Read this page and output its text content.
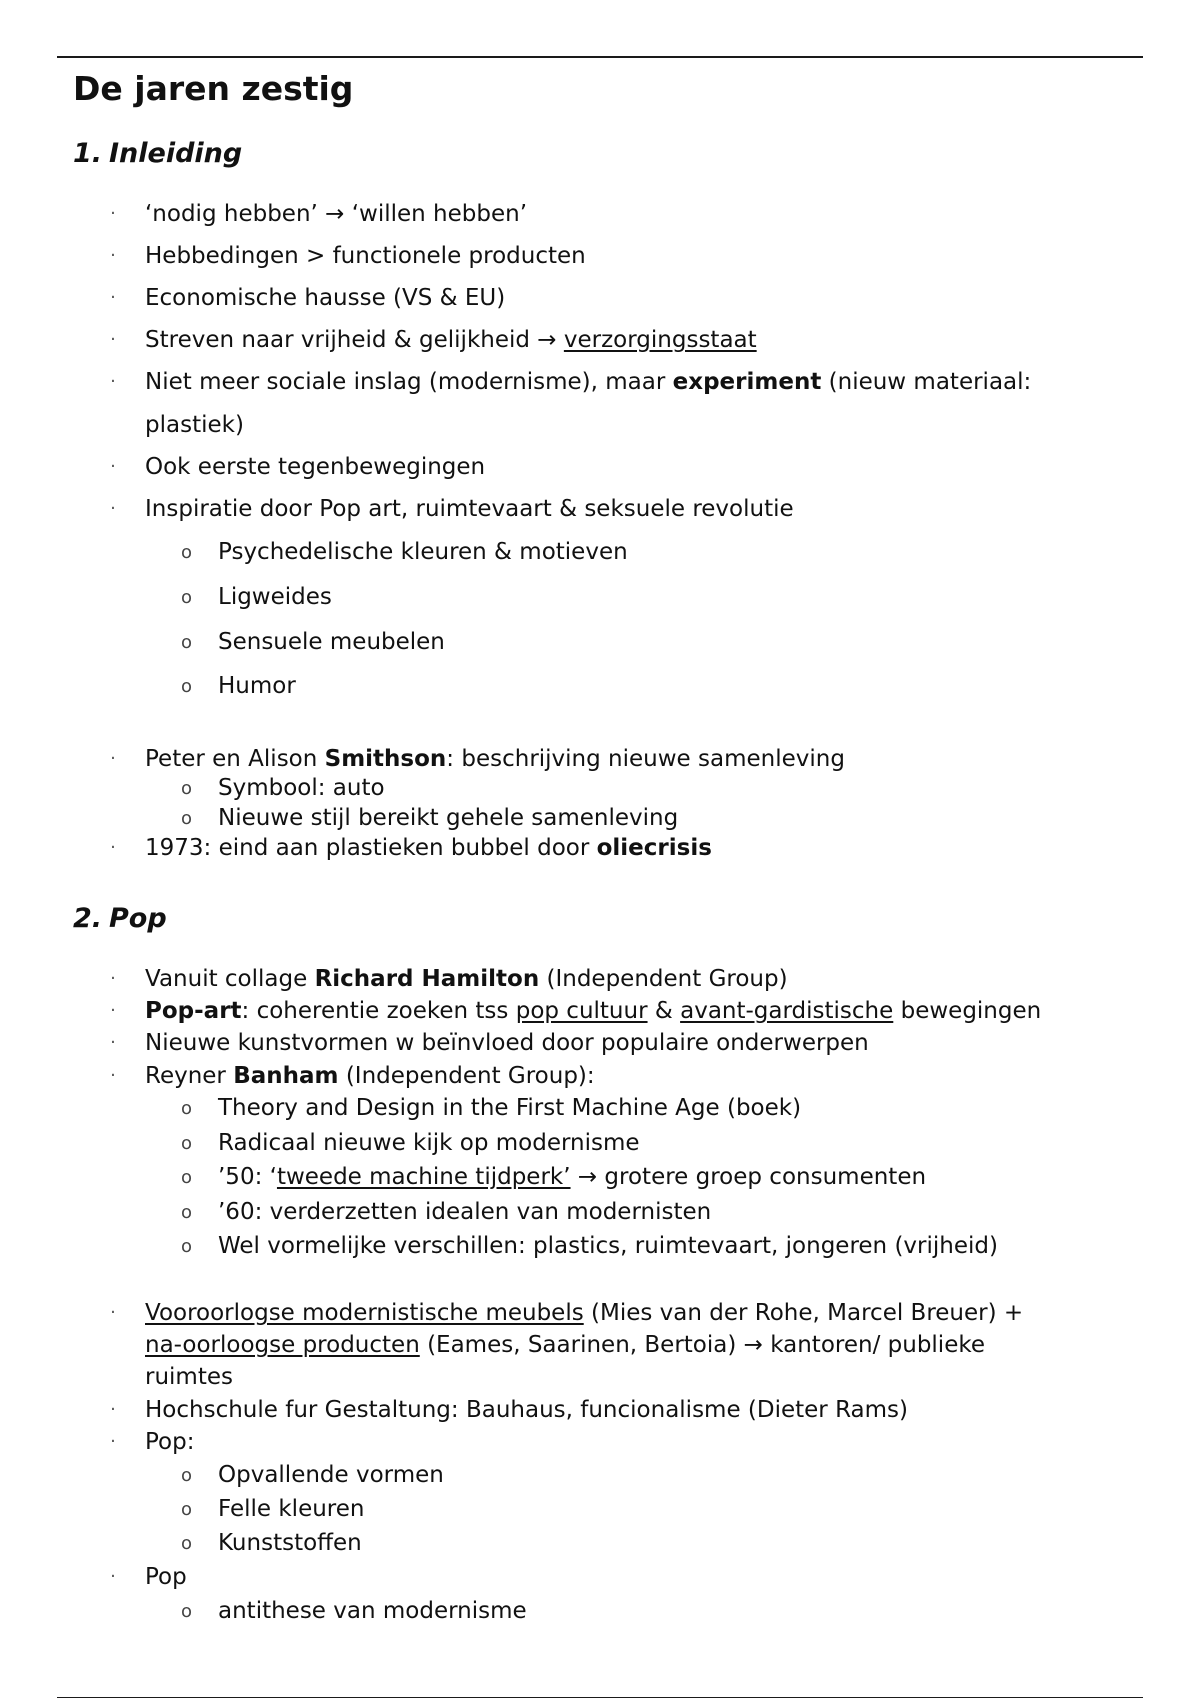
De jaren zestig
1. Inleiding
· ‘nodig hebben’ → ‘willen hebben’
· Hebbedingen > functionele producten
· Economische hausse (VS & EU)
· Streven naar vrijheid & gelijkheid → verzorgingsstaat
· Niet meer sociale inslag (modernisme), maar experiment (nieuw materiaal:
plastiek)
· Ook eerste tegenbewegingen
· Inspiratie door Pop art, ruimtevaart & seksuele revolutie
o Psychedelische kleuren & motieven
o Ligweides
o Sensuele meubelen
o Humor
· Peter en Alison Smithson: beschrijving nieuwe samenleving
o Symbool: auto
o Nieuwe stijl bereikt gehele samenleving
· 1973: eind aan plastieken bubbel door oliecrisis
2. Pop
· Vanuit collage Richard Hamilton (Independent Group)
· Pop-art: coherentie zoeken tss pop cultuur & avant-gardistische bewegingen
· Nieuwe kunstvormen w beïnvloed door populaire onderwerpen
· Reyner Banham (Independent Group):
o Theory and Design in the First Machine Age (boek)
o Radicaal nieuwe kijk op modernisme
o ’50: ‘tweede machine tijdperk’ → grotere groep consumenten
o ’60: verderzetten idealen van modernisten
o Wel vormelijke verschillen: plastics, ruimtevaart, jongeren (vrijheid)
· Vooroorlogse modernistische meubels (Mies van der Rohe, Marcel Breuer) +
na-oorloogse producten (Eames, Saarinen, Bertoia) → kantoren/ publieke
ruimtes
· Hochschule fur Gestaltung: Bauhaus, funcionalisme (Dieter Rams)
· Pop:
o Opvallende vormen
o Felle kleuren
o Kunststoffen
· Pop
o antithese van modernisme
